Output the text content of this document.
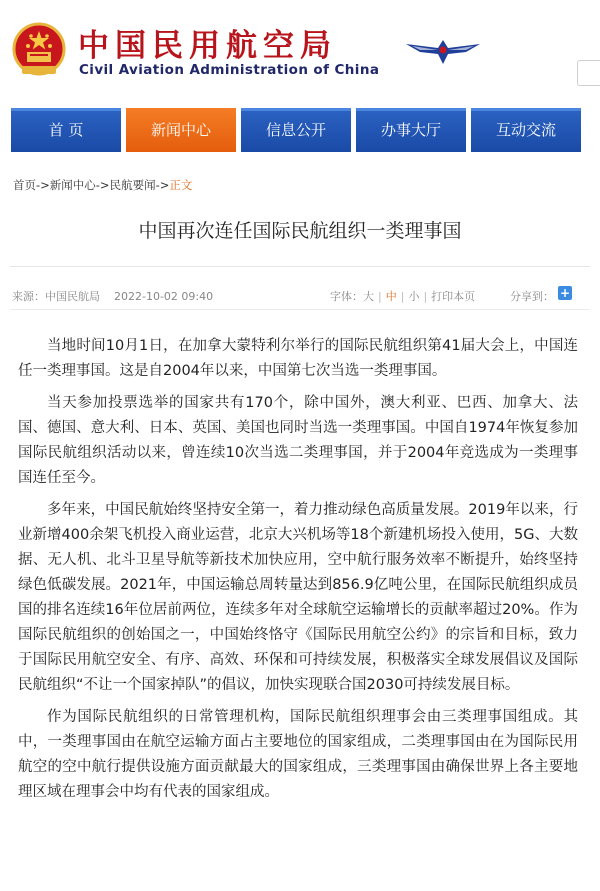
中国民用航空局
Civil Aviation Administration of China
首 页	新闻中心	信息公开	办事大厅	互动交流
首页->新闻中心->民航要闻->正文
中国再次连任国际民航组织一类理事国
来源：中国民航局 2022-10-02 09:40	字体：大 | 中 | 小 | 打印本页	分享到： +

当地时间10月1日，在加拿大蒙特利尔举行的国际民航组织第41届大会上，中国连任一类理事国。这是自2004年以来，中国第七次当选一类理事国。

当天参加投票选举的国家共有170个，除中国外，澳大利亚、巴西、加拿大、法国、德国、意大利、日本、英国、美国也同时当选一类理事国。中国自1974年恢复参加国际民航组织活动以来，曾连续10次当选二类理事国，并于2004年竞选成为一类理事国连任至今。

多年来，中国民航始终坚持安全第一，着力推动绿色高质量发展。2019年以来，行业新增400余架飞机投入商业运营，北京大兴机场等18个新建机场投入使用，5G、大数据、无人机、北斗卫星导航等新技术加快应用，空中航行服务效率不断提升，始终坚持绿色低碳发展。2021年，中国运输总周转量达到856.9亿吨公里，在国际民航组织成员国的排名连续16年位居前两位，连续多年对全球航空运输增长的贡献率超过20%。作为国际民航组织的创始国之一，中国始终恪守《国际民用航空公约》的宗旨和目标，致力于国际民用航空安全、有序、高效、环保和可持续发展，积极落实全球发展倡议及国际民航组织“不让一个国家掉队”的倡议，加快实现联合国2030可持续发展目标。

作为国际民航组织的日常管理机构，国际民航组织理事会由三类理事国组成。其中，一类理事国由在航空运输方面占主要地位的国家组成，二类理事国由在为国际民用航空的空中航行提供设施方面贡献最大的国家组成，三类理事国由确保世界上各主要地理区域在理事会中均有代表的国家组成。
